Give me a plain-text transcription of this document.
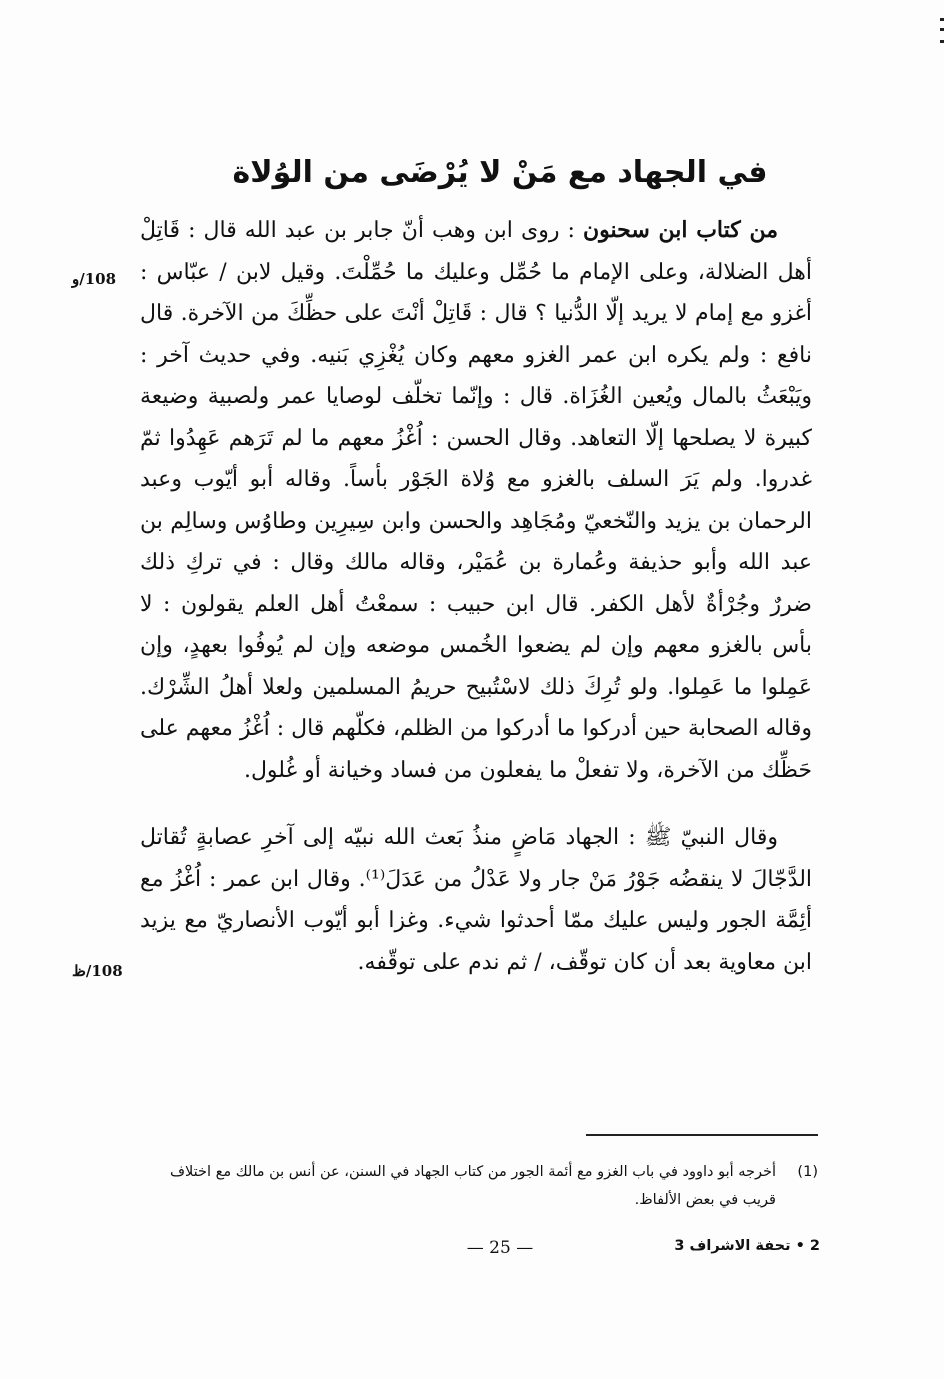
في الجهاد مع مَنْ لا يُرْضَى من الوُلاة
108/و
108/ظ

من كتاب ابن سحنون : روى ابن وهب أنّ جابر بن عبد الله قال : قَاتِلْ أهل الضلالة، وعلى الإمام ما حُمِّل وعليك ما حُمِّلْتَ. وقيل لابن / عبّاس : أغزو مع إمام لا يريد إلّا الدُّنيا ؟ قال : قَاتِلْ أنْتَ على حظِّكَ من الآخرة. قال نافع : ولم يكره ابن عمر الغزو معهم وكان يُغْزِي بَنيه. وفي حديث آخر : ويَبْعَثُ بالمال ويُعين الغُزَاة. قال : وإنّما تخلّف لوصايا عمر ولصبية وضيعة كبيرة لا يصلحها إلّا التعاهد. وقال الحسن : اُغْزُ معهم ما لم تَرَهم عَهِدُوا ثمّ غدروا. ولم يَرَ السلف بالغزو مع وُلاة الجَوْر بأساً. وقاله أبو أيّوب وعبد الرحمان بن يزيد والنّخعيّ ومُجَاهِد والحسن وابن سِيرِين وطاوُس وسالِم بن عبد الله وأبو حذيفة وعُمارة بن عُمَيْر، وقاله مالك وقال : في تركِ ذلك ضررٌ وجُرْأةٌ لأهل الكفر. قال ابن حبيب : سمعْتُ أهل العلم يقولون : لا بأس بالغزو معهم وإن لم يضعوا الخُمس موضعه وإن لم يُوفُوا بعهدٍ، وإن عَمِلوا ما عَمِلوا. ولو تُرِكَ ذلك لاسْتُبيح حريمُ المسلمين ولعلا أهلُ الشِّرْك. وقاله الصحابة حين أدركوا ما أدركوا من الظلم، فكلّهم قال : اُغْزُ معهم على حَظِّك من الآخرة، ولا تفعلْ ما يفعلون من فساد وخيانة أو غُلول.

وقال النبيّ ﷺ : الجهاد مَاضٍ منذُ بَعث الله نبيّه إلى آخرِ عصابةٍ تُقاتل الدَّجّالَ لا ينقضُه جَوْرُ مَنْ جار ولا عَدْلُ من عَدَلَ⁽¹⁾. وقال ابن عمر : اُغْزُ مع أئِمَّة الجور وليس عليك ممّا أحدثوا شيء. وغزا أبو أيّوب الأنصاريّ مع يزيد ابن معاوية بعد أن كان توقّف، / ثم ندم على توقّفه.

(1)
أخرجه أبو داوود في باب الغزو مع أئمة الجور من كتاب الجهاد في السنن، عن أنس بن مالك مع اختلاف قريب في بعض الألفاظ.
— 25 —	2 • تحفة الاشراف 3
